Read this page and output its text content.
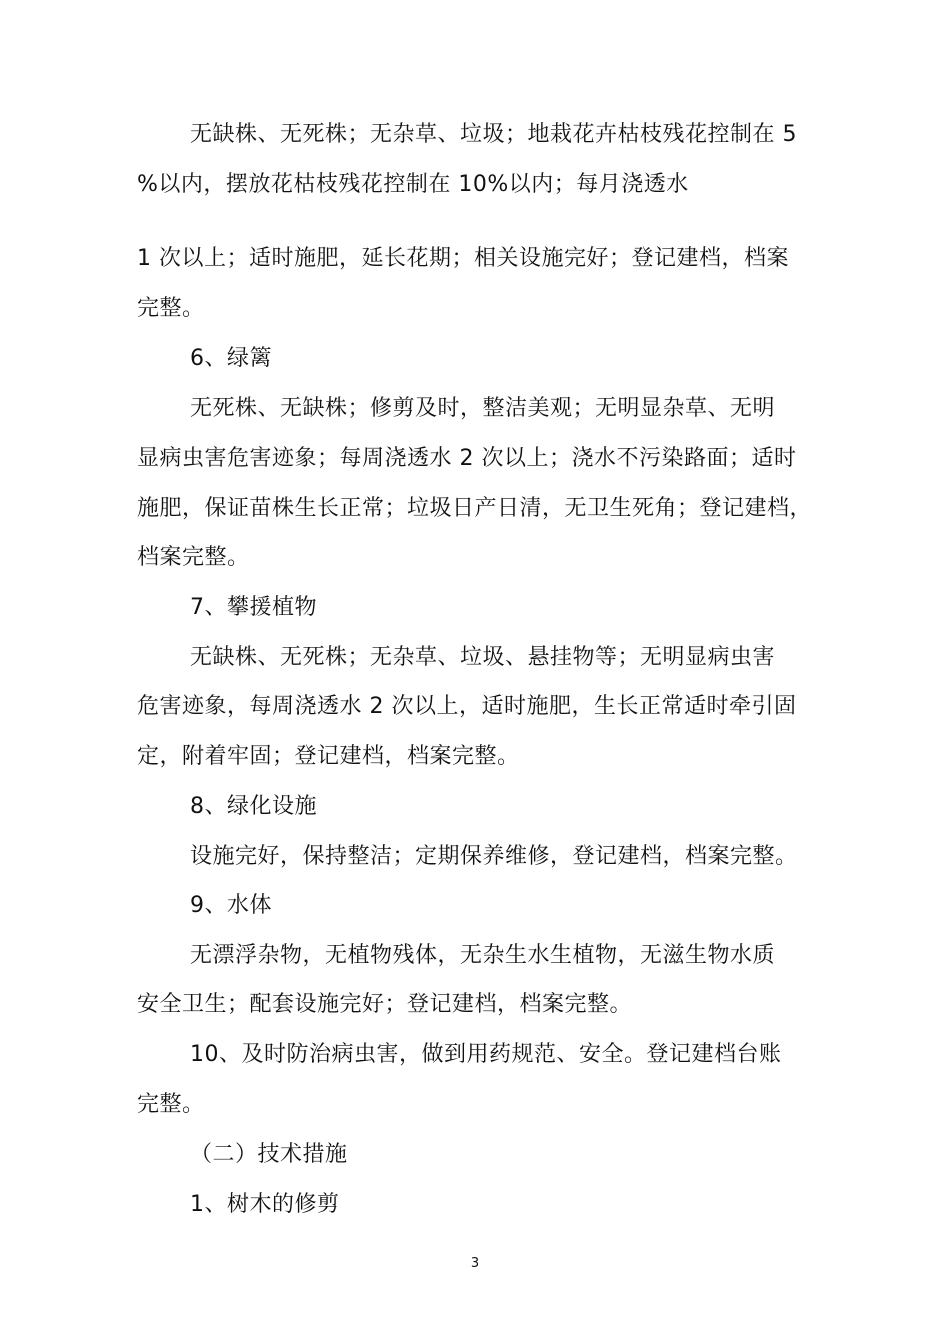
无缺株、无死株；无杂草、垃圾；地栽花卉枯枝残花控制在 5
%以内，摆放花枯枝残花控制在 10%以内；每月浇透水
1 次以上；适时施肥，延长花期；相关设施完好；登记建档，档案
完整。
6、绿篱
无死株、无缺株；修剪及时，整洁美观；无明显杂草、无明
显病虫害危害迹象；每周浇透水 2 次以上；浇水不污染路面；适时
施肥，保证苗株生长正常；垃圾日产日清，无卫生死角；登记建档，
档案完整。
7、攀援植物
无缺株、无死株；无杂草、垃圾、悬挂物等；无明显病虫害
危害迹象，每周浇透水 2 次以上，适时施肥，生长正常适时牵引固
定，附着牢固；登记建档，档案完整。
8、绿化设施
设施完好，保持整洁；定期保养维修，登记建档，档案完整。
9、水体
无漂浮杂物，无植物残体，无杂生水生植物，无滋生物水质
安全卫生；配套设施完好；登记建档，档案完整。
10、及时防治病虫害，做到用药规范、安全。登记建档台账
完整。
（二）技术措施
1、树木的修剪
3
